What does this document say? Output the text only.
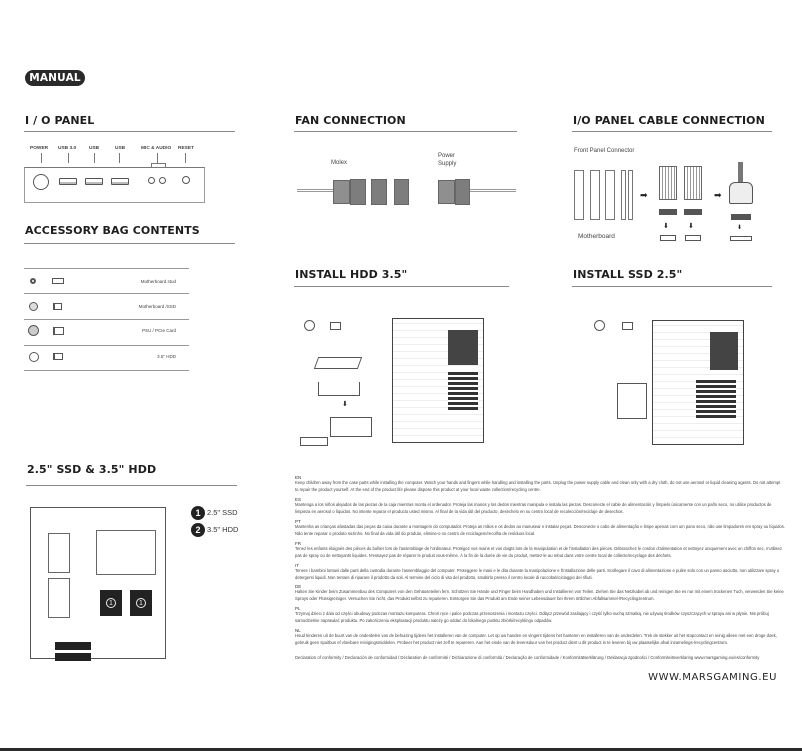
MANUAL
I / O PANEL
POWER USB 3.0	USB	USB	MIC & AUDIO RESET
ACCESSORY BAG CONTENTS
Motherboard stud
Motherboard /SSD
PSU / PCIe Card
3.5" HDD
FAN CONNECTION
Molex
Power Supply
I/O PANEL CABLE CONNECTION
Front Panel Connector
Motherboard
➡
⬇	⬇
➡
⬇
INSTALL HDD 3.5"
⬇
INSTALL SSD 2.5"
2.5" SSD & 3.5" HDD
1	1
1 2.5" SSD
2 3.5" HDD
EN
Keep children away from the case parts while installing the computer. Watch your hands and fingers while handling and installing the parts. Unplug the power supply cable and clean only with a dry cloth, do not use aerosol or liquid cleaning agents. Do not attempt to repair the product yourself. At the end of the product life please dispose this product at your local waste collection/recycling centre.
ES
Mantenga a los niños alejados de las piezas de la caja mientras monta el ordenador. Proteja las manos y los dedos mientras manipula e instala las piezas. Desconecte el cable de alimentación y límpielo únicamente con un paño seco, no utilice productos de limpieza en aerosol o líquidos. No intente reparar el producto usted mismo. Al final de la vida útil del producto, deséchelo en su centro local de recolección/reciclaje de desechos.
PT
Mantenha as crianças afastadas das peças da caixa durante a montagem do computador. Proteja as mãos e os dedos ao manusear e instalar peças. Desconecte o cabo de alimentação e limpe apenas com um pano seco, não use limpadores em spray ou líquidos. Não tente reparar o produto sozinho. No final da vida útil do produto, elimine-o no centro de reciclagem/recolha de resíduos local.
FR
Tenez les enfants éloignés des pièces du boîtier lors de l'assemblage de l'ordinateur. Protégez vos mains et vos doigts lors de la manipulation et de l'installation des pièces. Débranchez le cordon d'alimentation et nettoyez uniquement avec un chiffon sec, n'utilisez pas de spray ou de nettoyants liquides. N'essayez pas de réparer le produit vous-même. À la fin de la durée de vie du produit, mettez-le au rebut dans votre centre local de collecte/recyclage des déchets.
IT
Tenere i bambini lontani dalle parti della custodia durante l'assemblaggio del computer. Proteggere le mani e le dita durante la manipolazione e l'installazione delle parti. Scollegare il cavo di alimentazione e pulire solo con un panno asciutto, non utilizzare spray o detergenti liquidi. Non tentare di riparare il prodotto da soli. Al termine del ciclo di vita del prodotto, smaltirlo presso il centro locale di raccolta/riciclaggio dei rifiuti.
DE
Halten Sie Kinder beim Zusammenbau des Computers von den Gehäuseteilen fern. Schützen Sie Hände und Finger beim Handhaben und Installieren von Teilen. Ziehen Sie das Netzkabel ab und reinigen Sie es nur mit einem trockenen Tuch, verwenden Sie keine Sprays oder Flüssigreiniger. Versuchen Sie nicht, das Produkt selbst zu reparieren. Entsorgen Sie das Produkt am Ende seiner Lebensdauer bei Ihrem örtlichen Abfallsammel-/Recyclingzentrum.
PL
Trzymaj dzieci z dala od części obudowy podczas montażu komputera. Chroń ręce i palce podczas przenoszenia i montażu części. Odłącz przewód zasilający i czyść tylko suchą szmatką, nie używaj środków czyszczących w sprayu ani w płynie. Nie próbuj samodzielnie naprawiać produktu. Po zakończeniu eksploatacji produktu należy go oddać do lokalnego punktu zbiórki/recyklingu odpadów.
NL
Houd kinderen uit de buurt van de onderdelen van de behuizing tijdens het installeren van de computer. Let op uw handen en vingers tijdens het hanteren en installeren van de onderdelen. Trek de stekker uit het stopcontact en reinig alleen met een droge doek, gebruik geen spuitbus of vloeibare reinigingsmiddelen. Probeer het product niet zelf te repareren. Aan het einde van de levensduur van het product dient u dit product in te leveren bij uw plaatselijke afval inzamelings-/recyclingcentrum.
Declaration of conformity / Declaración de conformidad / Déclaration de conformité / Dichiarazione di conformità / Declaração de conformidade / Konformitätserklärung / Deklaracja zgodności / Conformiteitsverklaring www.marsgaming.eu/es/conformity
WWW.MARSGAMING.EU
